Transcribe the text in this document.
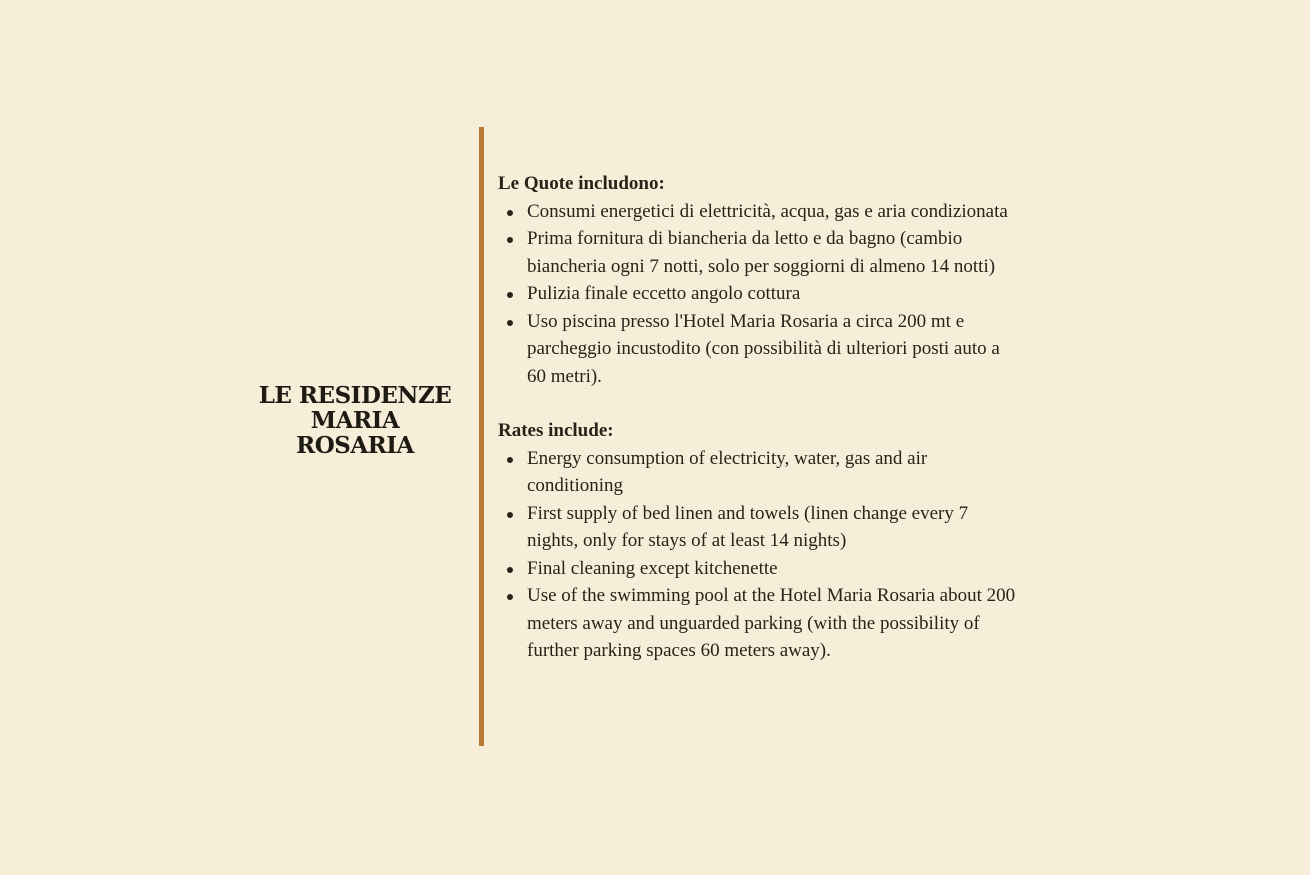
LE RESIDENZE
MARIA
ROSARIA

Le Quote includono:

Consumi energetici di elettricità, acqua, gas e aria condizionata
Prima fornitura di biancheria da letto e da bagno (cambio biancheria ogni 7 notti, solo per soggiorni di almeno 14 notti)
Pulizia finale eccetto angolo cottura
Uso piscina presso l'Hotel Maria Rosaria a circa 200 mt e parcheggio incustodito (con possibilità di ulteriori posti auto a 60 metri).

Rates include:

Energy consumption of electricity, water, gas and air conditioning
First supply of bed linen and towels (linen change every 7 nights, only for stays of at least 14 nights)
Final cleaning except kitchenette
Use of the swimming pool at the Hotel Maria Rosaria about 200 meters away and unguarded parking (with the possibility of further parking spaces 60 meters away).
